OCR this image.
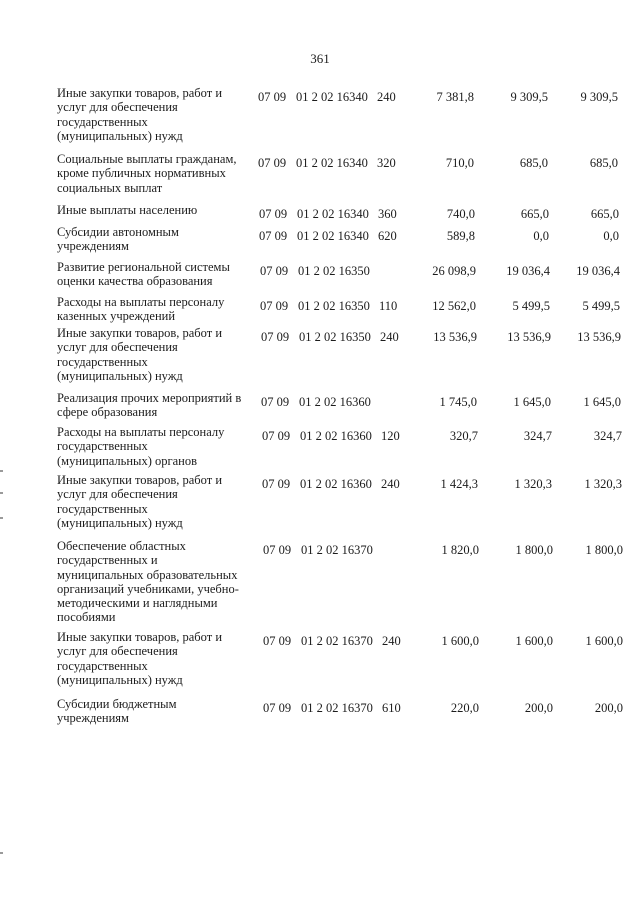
361
Иные закупки товаров, работ и
услуг для обеспечения
государственных
(муниципальных) нужд
07 09 01 2 02 16340 240	7 381,8	9 309,5	9 309,5
Социальные выплаты гражданам,
кроме публичных нормативных
социальных выплат
07 09 01 2 02 16340 320	710,0	685,0	685,0
Иные выплаты населению	07 09 01 2 02 16340 360	740,0	665,0	665,0
Субсидии автономным
учреждениям
07 09 01 2 02 16340 620	589,8	0,0	0,0
Развитие региональной системы
оценки качества образования
07 09 01 2 02 16350	26 098,9	19 036,4	19 036,4
Расходы на выплаты персоналу
казенных учреждений
07 09 01 2 02 16350 110	12 562,0	5 499,5	5 499,5
Иные закупки товаров, работ и
услуг для обеспечения
государственных
(муниципальных) нужд
07 09 01 2 02 16350 240	13 536,9	13 536,9	13 536,9
Реализация прочих мероприятий в
сфере образования
07 09 01 2 02 16360	1 745,0	1 645,0	1 645,0
Расходы на выплаты персоналу
государственных
(муниципальных) органов
07 09 01 2 02 16360 120	320,7	324,7	324,7
Иные закупки товаров, работ и
услуг для обеспечения
государственных
(муниципальных) нужд
07 09 01 2 02 16360 240	1 424,3	1 320,3	1 320,3
Обеспечение областных
государственных и
муниципальных образовательных
организаций учебниками, учебно-
методическими и наглядными
пособиями
07 09 01 2 02 16370	1 820,0	1 800,0	1 800,0
Иные закупки товаров, работ и
услуг для обеспечения
государственных
(муниципальных) нужд
07 09 01 2 02 16370 240	1 600,0	1 600,0	1 600,0
Субсидии бюджетным
учреждениям
07 09 01 2 02 16370 610	220,0	200,0	200,0
